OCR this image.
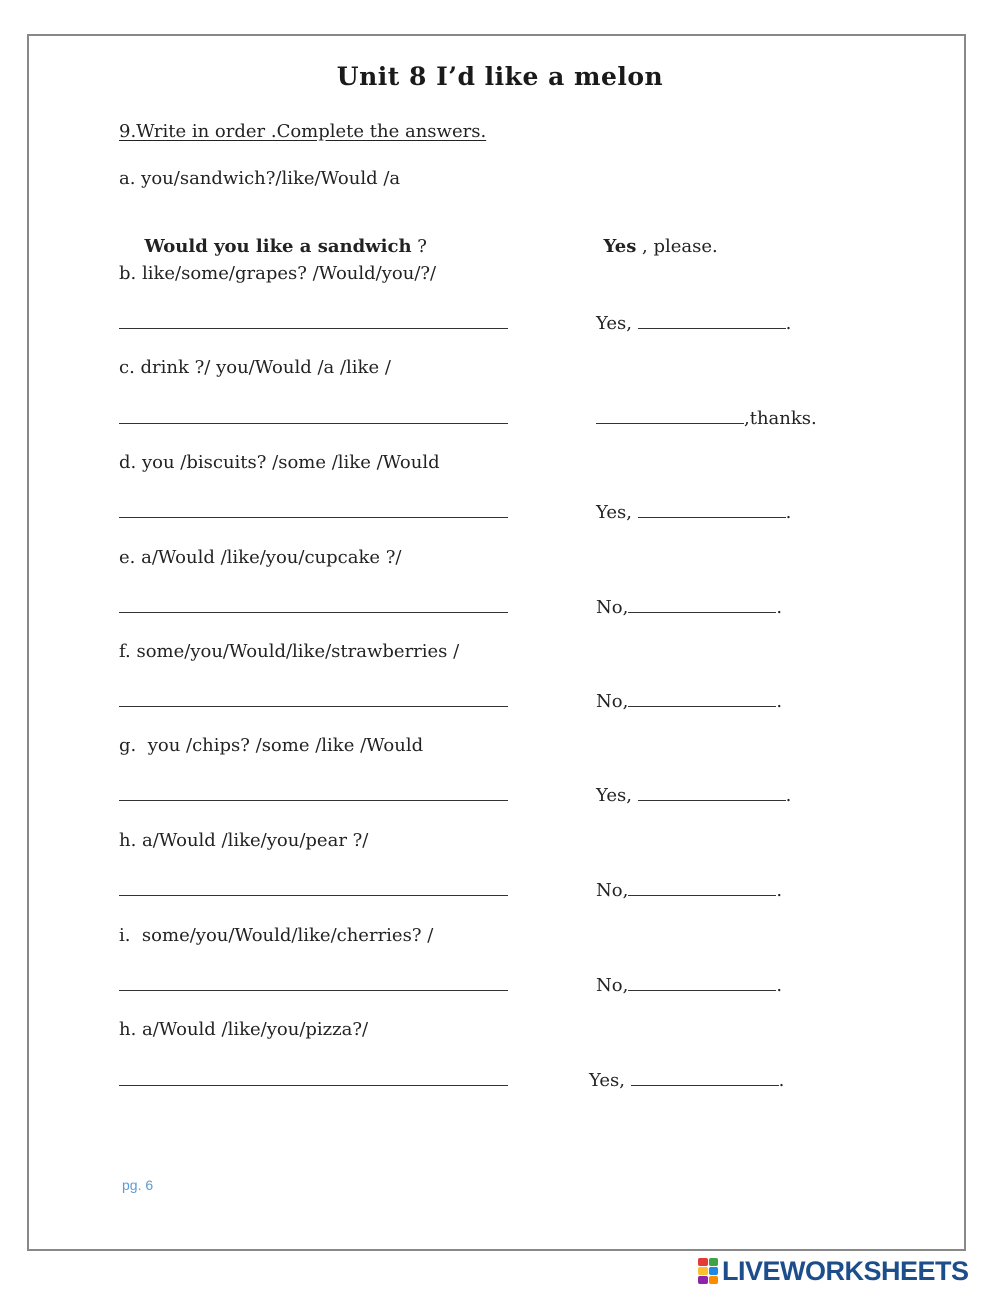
Unit 8 I’d like a melon
9.Write in order .Complete the answers.
a. you/sandwich?/like/Would /a

Would you like a sandwich ?	Yes , please.

b. like/some/grapes? /Would/you/?/
Yes,	.
c. drink ?/ you/Would /a /like /
,thanks.
d. you /biscuits? /some /like /Would
Yes,	.
e. a/Would /like/you/cupcake ?/
No,	.
f. some/you/Would/like/strawberries /
No,	.
g.  you /chips? /some /like /Would
Yes,	.
h. a/Would /like/you/pear ?/
No,	.
i.  some/you/Would/like/cherries? /
No,	.
h. a/Would /like/you/pizza?/
Yes,	.
pg. 6
LIVEWORKSHEETS
